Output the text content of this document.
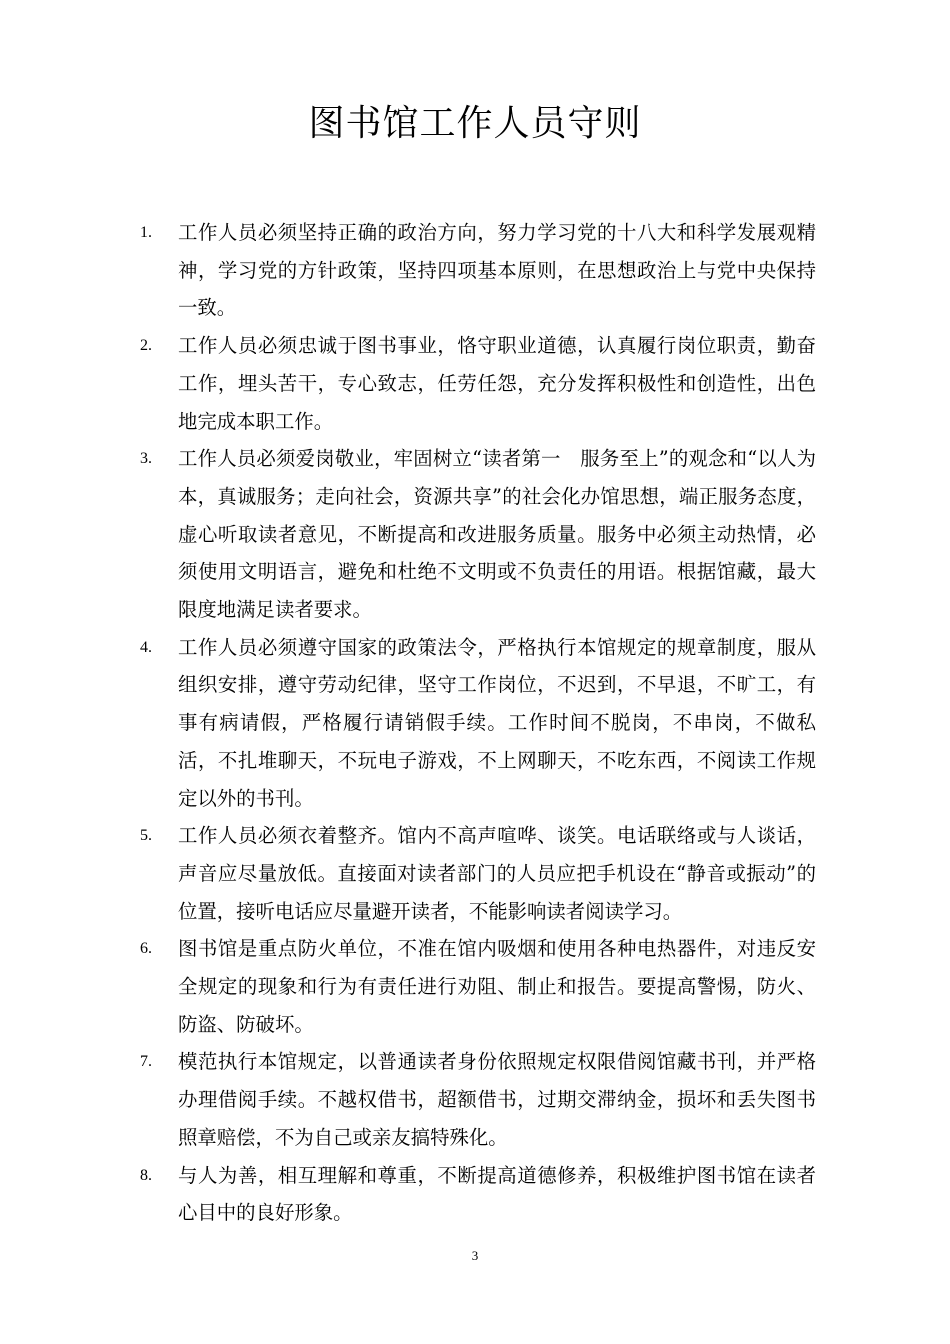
图书馆工作人员守则
1. 工作人员必须坚持正确的政治方向，努力学习党的十八大和科学发展观精神，学习党的方针政策，坚持四项基本原则，在思想政治上与党中央保持一致。
2. 工作人员必须忠诚于图书事业，恪守职业道德，认真履行岗位职责，勤奋工作，埋头苦干，专心致志，任劳任怨，充分发挥积极性和创造性，出色地完成本职工作。
3. 工作人员必须爱岗敬业，牢固树立“读者第一　服务至上”的观念和“以人为本，真诚服务；走向社会，资源共享”的社会化办馆思想，端正服务态度，虚心听取读者意见，不断提高和改进服务质量。服务中必须主动热情，必须使用文明语言，避免和杜绝不文明或不负责任的用语。根据馆藏，最大限度地满足读者要求。
4. 工作人员必须遵守国家的政策法令，严格执行本馆规定的规章制度，服从组织安排，遵守劳动纪律，坚守工作岗位，不迟到，不早退，不旷工，有事有病请假，严格履行请销假手续。工作时间不脱岗，不串岗，不做私活，不扎堆聊天，不玩电子游戏，不上网聊天，不吃东西，不阅读工作规定以外的书刊。
5. 工作人员必须衣着整齐。馆内不高声喧哗、谈笑。电话联络或与人谈话，声音应尽量放低。直接面对读者部门的人员应把手机设在“静音或振动”的位置，接听电话应尽量避开读者，不能影响读者阅读学习。
6. 图书馆是重点防火单位，不准在馆内吸烟和使用各种电热器件，对违反安全规定的现象和行为有责任进行劝阻、制止和报告。要提高警惕，防火、防盗、防破坏。
7. 模范执行本馆规定，以普通读者身份依照规定权限借阅馆藏书刊，并严格办理借阅手续。不越权借书，超额借书，过期交滞纳金，损坏和丢失图书照章赔偿，不为自己或亲友搞特殊化。
8. 与人为善，相互理解和尊重，不断提高道德修养，积极维护图书馆在读者心目中的良好形象。
3
